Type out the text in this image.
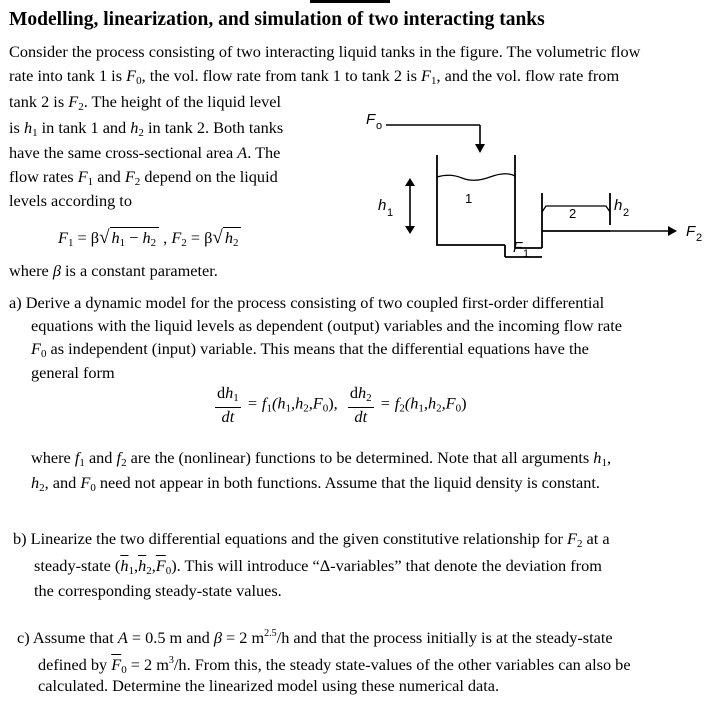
Modelling, linearization, and simulation of two interacting tanks
Consider the process consisting of two interacting liquid tanks in the figure. The volumetric flow
rate into tank 1 is $F_0$, the vol. flow rate from tank 1 to tank 2 is $F_1$, and the vol. flow rate from
tank 2 is $F_2$. The height of the liquid level
is $h_1$ in tank 1 and $h_2$ in tank 2. Both tanks
have the same cross-sectional area A. The
flow rates $F_1$ and $F_2$ depend on the liquid
levels according to
$F_1 = \beta√$ $h_1 - h_2$ , $F_2 = \beta√$ $h_2$
where β is a constant parameter.
F o
1
h 1
F 1
2	h 2
F 2
a) Derive a dynamic model for the process consisting of two coupled first-order differential
equations with the liquid levels as dependent (output) variables and the incoming flow rate
$F_0$ as independent (input) variable. This means that the differential equations have the
general form
$\frac{dh_1}{dt} = f_1(h_1,h_2,F_0)$, $\frac{dh_2}{dt} = f_2(h_1,h_2,F_0)$
where $f_1$ and $f_2$ are the (nonlinear) functions to be determined. Note that all arguments $h_1$,
$h_2$, and $F_0$ need not appear in both functions. Assume that the liquid density is constant.
b) Linearize the two differential equations and the given constitutive relationship for $F_2$ at a
steady-state $(\overline{h}_1,\overline{h}_2,\overline{F}_0)$. This will introduce “Δ-variables” that denote the deviation from
the corresponding steady-state values.
c) Assume that A = 0.5 m and β = 2 $m^{2.5}/h$ and that the process initially is at the steady-state
defined by $\overline{F}_0 = 2$ $m^3/h$. From this, the steady state-values of the other variables can also be
calculated. Determine the linearized model using these numerical data.
